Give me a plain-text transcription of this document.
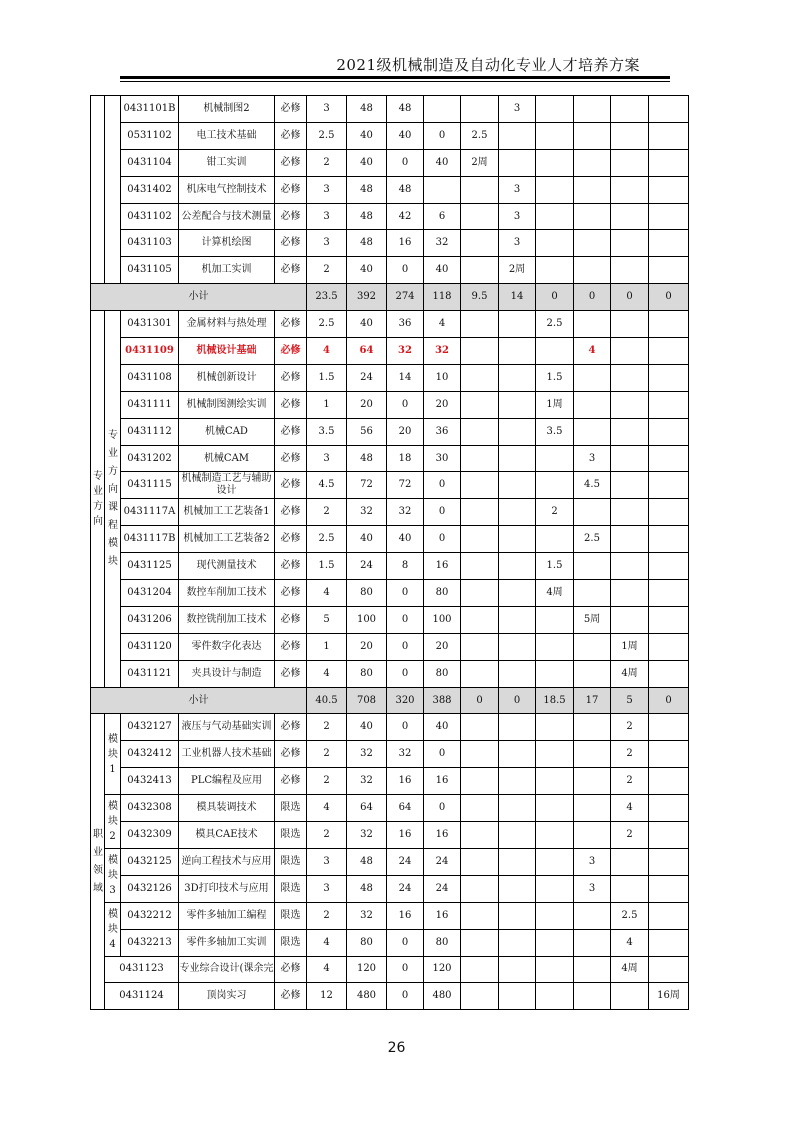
2021级机械制造及自动化专业人才培养方案
		0431101B	机械制图2	必修	3	48	48			3				
		0531102	电工技术基础	必修	2.5	40	40	0	2.5					
		0431104	钳工实训	必修	2	40	0	40	2周					
		0431402	机床电气控制技术	必修	3	48	48			3				
		0431102	公差配合与技术测量	必修	3	48	42	6		3				
		0431103	计算机绘图	必修	3	48	16	32		3				
		0431105	机加工实训	必修	2	40	0	40		2周				
小计					23.5	392	274	118	9.5	14	0	0	0	0

专业方向	专业方向课程模块	0431301	金属材料与热处理	必修	2.5	40	36	4			2.5			
		0431109	机械设计基础	必修	4	64	32	32				4		
		0431108	机械创新设计	必修	1.5	24	14	10			1.5			
		0431111	机械制图测绘实训	必修	1	20	0	20			1周			
		0431112	机械CAD	必修	3.5	56	20	36			3.5			
		0431202	机械CAM	必修	3	48	18	30				3		
		0431115	机械制造工艺与辅助设计	必修	4.5	72	72	0				4.5		
		0431117A	机械加工工艺装备1	必修	2	32	32	0			2			
		0431117B	机械加工工艺装备2	必修	2.5	40	40	0				2.5		
		0431125	现代测量技术	必修	1.5	24	8	16			1.5			
		0431204	数控车削加工技术	必修	4	80	0	80			4周			
		0431206	数控铣削加工技术	必修	5	100	0	100				5周		
		0431120	零件数字化表达	必修	1	20	0	20					1周	
		0431121	夹具设计与制造	必修	4	80	0	80					4周	
小计					40.5	708	320	388	0	0	18.5	17	5	0

职业领域	模块1	0432127	液压与气动基础实训	必修	2	40	0	40					2	
		0432412	工业机器人技术基础	必修	2	32	32	0					2	
		0432413	PLC编程及应用	必修	2	32	16	16					2	

	模块2	0432308	模具装调技术	限选	4	64	64	0					4	
		0432309	模具CAE技术	限选	2	32	16	16					2	

	模块3	0432125	逆向工程技术与应用	限选	3	48	24	24				3		
		0432126	3D打印技术与应用	限选	3	48	24	24				3		

	模块4	0432212	零件多轴加工编程	限选	2	32	16	16					2.5	
		0432213	零件多轴加工实训	限选	4	80	0	80					4	
	0431123		专业综合设计(课余完	必修	4	120	0	120					4周	
	0431124		顶岗实习	必修	12	480	0	480						16周
26
